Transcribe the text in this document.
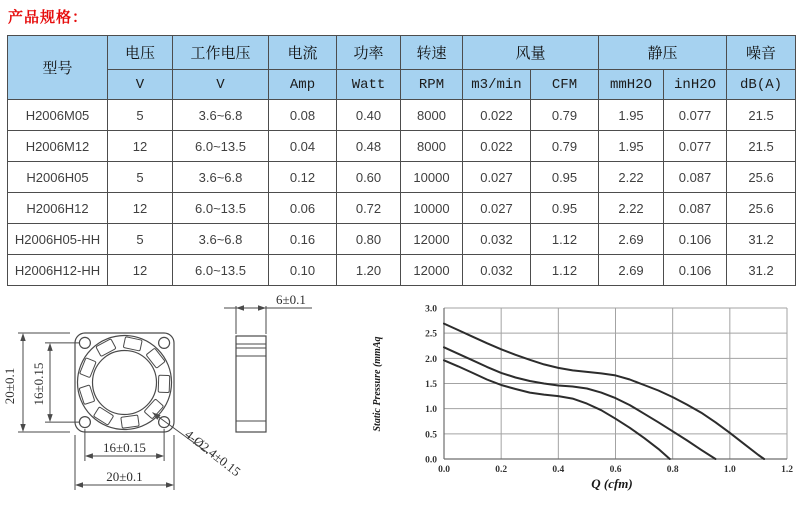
产品规格：
型号	电压	工作电压	电流	功率	转速	风量		静压		噪音
	V	V	Amp	Watt	RPM	m3/min	CFM	mmH2O	inH2O	dB(A)
H2006M05	5	3.6~6.8	0.08	0.40	8000	0.022	0.79	1.95	0.077	21.5
H2006M12	12	6.0~13.5	0.04	0.48	8000	0.022	0.79	1.95	0.077	21.5
H2006H05	5	3.6~6.8	0.12	0.60	10000	0.027	0.95	2.22	0.087	25.6
H2006H12	12	6.0~13.5	0.06	0.72	10000	0.027	0.95	2.22	0.087	25.6
H2006H05-HH	5	3.6~6.8	0.16	0.80	12000	0.032	1.12	2.69	0.106	31.2
H2006H12-HH	12	6.0~13.5	0.10	1.20	12000	0.032	1.12	2.69	0.106	31.2
20±0.1 16±0.15
16±0.15
20±0.1	4-Ø2.4±0.15
6±0.1
0.0	0.2	0.4	0.6	0.8	1.0	1.2
0.0
0.5
1.0
1.5
2.0
2.5
3.0
Q (cfm)
Static Pressure (mmAq
